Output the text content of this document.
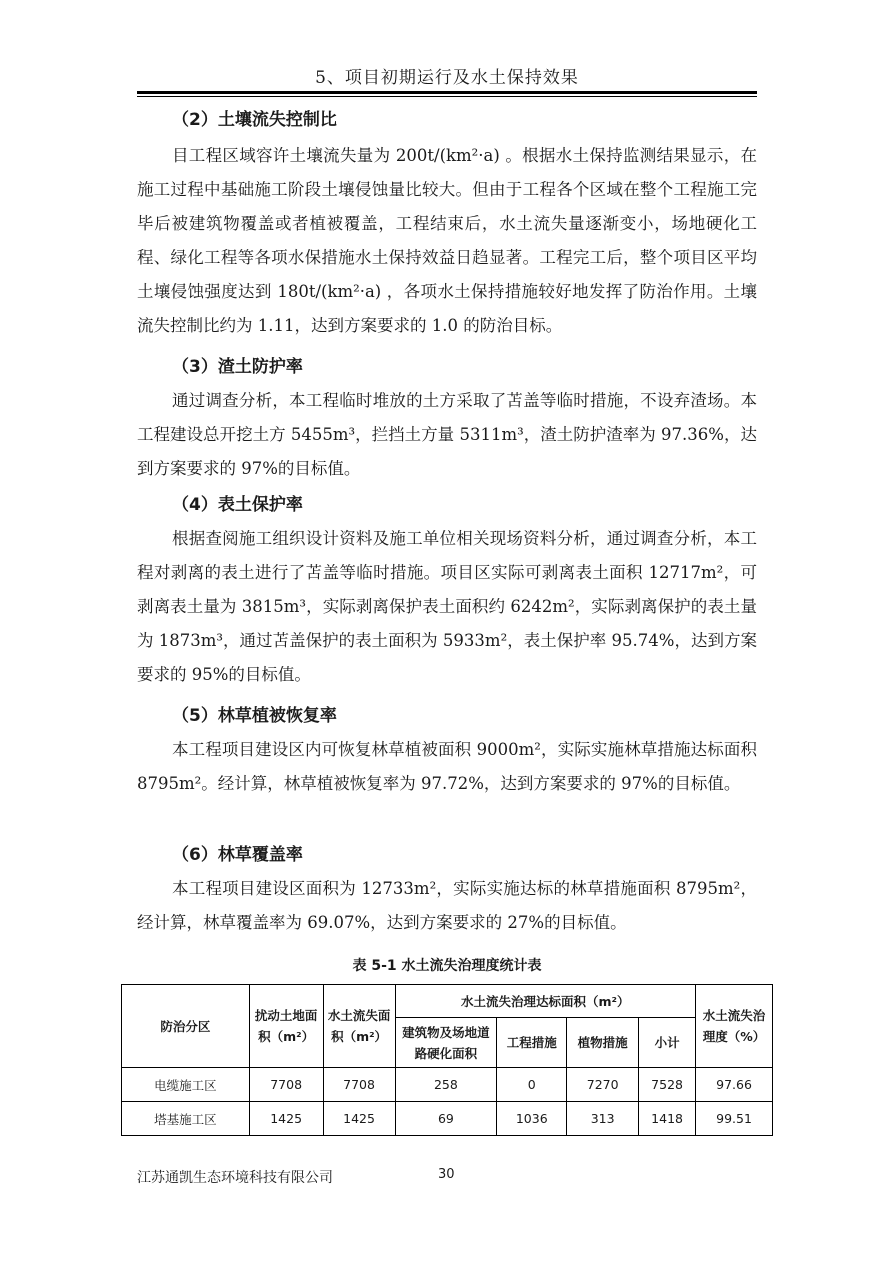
5、项目初期运行及水土保持效果
（2）土壤流失控制比
目工程区域容许土壤流失量为 200t/(km²·a) 。根据水土保持监测结果显示，在施工过程中基础施工阶段土壤侵蚀量比较大。但由于工程各个区域在整个工程施工完毕后被建筑物覆盖或者植被覆盖，工程结束后，水土流失量逐渐变小，场地硬化工程、绿化工程等各项水保措施水土保持效益日趋显著。工程完工后，整个项目区平均土壤侵蚀强度达到 180t/(km²·a) ，各项水土保持措施较好地发挥了防治作用。土壤流失控制比约为 1.11，达到方案要求的 1.0 的防治目标。
（3）渣土防护率
通过调查分析，本工程临时堆放的土方采取了苫盖等临时措施，不设弃渣场。本工程建设总开挖土方 5455m³，拦挡土方量 5311m³，渣土防护渣率为 97.36%，达到方案要求的 97%的目标值。
（4）表土保护率
根据查阅施工组织设计资料及施工单位相关现场资料分析，通过调查分析，本工程对剥离的表土进行了苫盖等临时措施。项目区实际可剥离表土面积 12717m²，可剥离表土量为 3815m³，实际剥离保护表土面积约 6242m²，实际剥离保护的表土量为 1873m³，通过苫盖保护的表土面积为 5933m²，表土保护率 95.74%，达到方案要求的 95%的目标值。
（5）林草植被恢复率
本工程项目建设区内可恢复林草植被面积 9000m²，实际实施林草措施达标面积 8795m²。经计算，林草植被恢复率为 97.72%，达到方案要求的 97%的目标值。
（6）林草覆盖率
本工程项目建设区面积为 12733m²，实际实施达标的林草措施面积 8795m²，经计算，林草覆盖率为 69.07%，达到方案要求的 27%的目标值。
表 5-1 水土流失治理度统计表
防治分区	扰动土地面积（m²）	水土流失面积（m²）	水土流失治理达标面积（m²）				水土流失治理度（%）
			建筑物及场地道路硬化面积	工程措施	植物措施	小计	
电缆施工区	7708	7708	258	0	7270	7528	97.66
塔基施工区	1425	1425	69	1036	313	1418	99.51
江苏通凯生态环境科技有限公司	30
